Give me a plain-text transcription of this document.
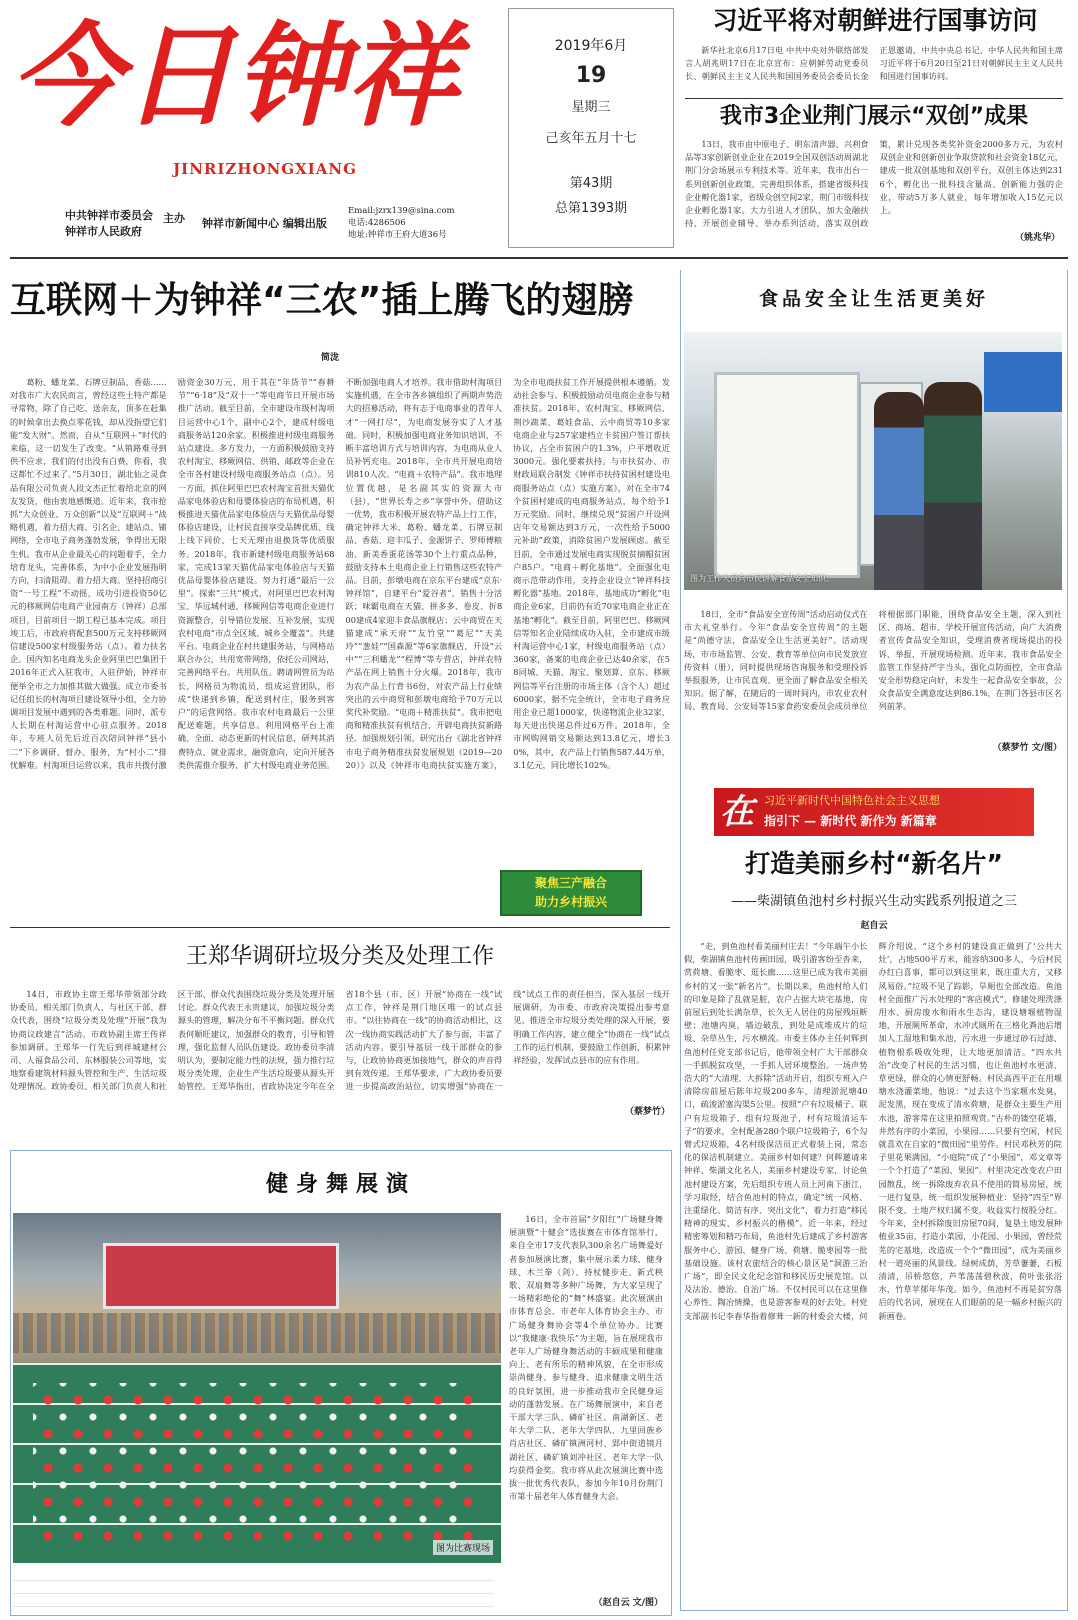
今日钟祥
JINRIZHONGXIANG
中共钟祥市委员会
钟祥市人民政府
主办	钟祥市新闻中心 编辑出版
Email:jzrx139@sina.com
电话:4286506
地址:钟祥市王府大道36号
2019年6月
19
星期三
己亥年五月十七
第43期
总第1393期
习近平将对朝鲜进行国事访问

新华社北京6月17日电 中共中央对外联络部发言人胡兆明17日在北京宣布：应朝鲜劳动党委员长、朝鲜民主主义人民共和国国务委员会委员长金正恩邀请，中共中央总书记、中华人民共和国主席习近平将于6月20日至21日对朝鲜民主主义人民共和国进行国事访问。

我市3企业荆门展示“双创”成果

13日，我市由中原电子、明东清声器、兴利食品等3家创新创业企业在2019全国双创活动周湖北荆门分会场展示专利技术等。近年来，我市出台一系列创新创业政策，完善组织体系，搭建省级科技企业孵化器1家，省级众创空间2家，荆门市级科技企业孵化器1家。大力引进人才团队，加大金融扶持，开展创业辅导、举办系列活动，落实双创政策，累计兑现各类奖补资金2000多万元，为农村双创企业和创新创业争取贷款和社会资金18亿元，建成一批双创基地和双创平台，双创主体达到2316个，孵化出一批科技含量高、创新能力强的企业，带动5万多人就业，每年增加收入15亿元以上。

（姚兆华）
互联网＋为钟祥“三农”插上腾飞的翅膀
简泷

葛粉、蟠龙菜、石牌豆制品、香菇……对我市广大农民而言，曾经这些土特产都是寻常物，除了自己吃、送亲友，顶多在赶集的时候拿出去换点零花钱，却从没指望它们能“发大财”。然而，自从“互联网＋”时代的来临，这一切发生了改变。“从销路难寻到供不应求，我们的付出没有白费，你看，我这都忙不过来了。”5月30日，湖北仙之灵食品有限公司负责人段文杰正忙着给北京的网友发货，他由衷地感慨道。近年来，我市抢抓“大众创业、万众创新”以及“互联网＋”战略机遇，着力招大商、引名企、建站点、铺网络，全市电子商务蓬勃发展，争得出无限生机。我市从企业最关心的问题着手，全力培育龙头，完善体系，为中小企业发展指明方向，扫清阻碍。着力招大商。坚持招商引资“一号工程”不动摇，成功引进投资50亿元的移厥网信电商产业园南方（钟祥）总部项目，目前项目一期工程已基本完成。项目竣工后，市政府将配套500万元支持移厥网信建设500家村级服务站（点）。着力扶名企。国内知名电商龙头企业阿里巴巴集团于2016年正式入驻我市，入驻伊始，钟祥市便举全市之力加推其做大做强。成立市委书记任组长的村淘项目建设领导小组，全力协调项目发展中遇到的各类难题。同时，派专人长期在村淘运营中心驻点服务。2018年，专班人员先后近百次陪同钟祥“县小二”下乡调研、督办、服务，为“村小二”排忧解难。村淘项目运营以来，我市共拨付激励资金30万元，用于其在“年货节”“春耕节”“6·18”及“双十一”等电商节日开展市场推广活动。截至目前，全市建设市级村淘项目运营中心1个，副中心2个，建成村级电商服务站120余家。积极推进村级电商服务站点建设。多方发力，一方面积极鼓励支持农村淘宝、移厥网信、供销、邮政等企业在全市各村建设村级电商服务站点（点）。另一方面，抓住阿里巴巴农村淘宝首批天猫优品家电体验店和母婴体验店的布局机遇，积极推进天猫优品家电体验店与天猫优品母婴体验店建设，让村民直接享受品牌优质、线上线下同价、七天无理由退换货等优质服务。2018年，我市新建村级电商服务站68家，完成13家天猫优品家电体验店与天猫优品母婴体验店建设。努力打通“最后一公里”。探索“三共”模式，对阿里巴巴农村淘宝、华远城村通、移厥网信等电商企业进行资源整合，引导错位发展、互补发展，实现农村电商“市点全区域、城乡全覆盖”。共建平台。电商企业在村共建服务站，与网格站联合办公，共用宽带网络，依托公司网站，完善网络平台。共用队伍。聘请网管员为站长，网格员为物流员，组成运营团队，形成“快递到乡镇，配送到村庄，服务到客户”的运营网络。我市农村电商最后一公里配送难题，共享信息。利用网格平台上准确、全面、动态更新的村民信息，研判其消费特点、就业需求，融资意向，定向开展各类供需推介服务，扩大村级电商业务范围。不断加强电商人才培养。我市借助村淘项目实施机遇，在全市各乡镇组织了两期声势浩大的招募活动，将有志于电商事业的青年人才“一网打尽”，为电商发展夯实了人才基础。同时，积极加强电商业务知识培训，不断丰富培训方式与培训内容，为电商从业人员补钙充电。2018年，全市共开展电商培训810人次。“电商＋农特产品”。我市地理位置优越，是名副其实的资源大市（县），“世界长寿之乡”享誉中外。借助这一优势，我市积极开展农特产品上行工作，确定钟祥大米、葛粉、蟠龙菜、石牌豆制品、香菇、迎丰瓜子、金源饼子、罗师傅粮油、新美香蛋花汤等30个上行重点品种，鼓励支持本土电商企业上行销售这些农特产品。目前，彭墩电商在京东平台建成“京东·钟祥馆”，自建平台“爱谷者”，销售十分活跃；味霸电商在天猫、拼多多、卷皮、折800建成4家迎丰食品旗舰店；云中商贸在天猫建成“承天府”“友竹堂”“葛尼”“天美玲”“葱娃”“国森源”等6家旗舰店，开设“云中”“三利蟠龙”“程博”等专营店，钟祥农特产品在网上销售十分火爆。2018年，我市为农产品上行背书6份，对农产品上行业绩突出的云中商贸和彭墩电商给予70万元以奖代补奖励。“电商＋精准扶贫”。我市把电商和精准扶贫有机结合，开辟电商扶贫新路径。加强规划引领。研究出台《湖北省钟祥市电子商务精准扶贫发展规划（2019—2020）》以及《钟祥市电商扶贫实施方案》，为全市电商扶贫工作开展提供根本遵循。发动社会参与。积极鼓励动员电商企业参与精准扶贫。2018年，农村淘宝、移厥网信、荆沙蔬菜、葛娃食品、云中商贸等10多家电商企业与257家建档立卡贫困户签订帮扶协议，占全市贫困户的1.3%，户平增收近3000元。强化要素扶持。与市扶贫办、市财政局联合制发《钟祥市扶持贫困村建设电商服务站点（点）实施方案》，对在全市74个贫困村建成的电商服务站点，每个给予1万元奖励。同时，继续兑现“贫困户开设网店年交易额达到3万元，一次性给予5000元补助”政策，消除贫困户发展顾虑。截至目前，全市通过发展电商实现脱贫摘帽贫困户85户。“电商＋孵化基地”。全面强化电商示范带动作用，支持企业设立“钟祥科技孵化器”基地。2018年，基地成功“孵化”电商企业6家，目前仍有近70家电商企业正在基地“孵化”。截至目前，阿里巴巴、移厥网信等知名企业陆续成功入驻，全市建成市级村淘运营中心1家，村级电商服务站（点）360家，备案的电商企业已达40余家，在58同城、天猫、淘宝、聚划算、京东、移厥网信等平台注册的市场主体（含个人）超过6000家，据不完全统计，全市电子商务应用企业已超1000家，快递物流企业32家，每天进出快递总件过6万件。2018年，全市网购网销交易额达到13.8亿元，增长30%，其中，农产品上行销售587.44万单，3.1亿元，同比增长102%。

聚焦三产融合
助力乡村振兴
王郑华调研垃圾分类及处理工作

14日，市政协主席王郑华带领部分政协委员、相关部门负责人、与社区干部、群众代表，围绕“垃圾分类及处理”开展“我为协商议政建言”活动。市政协副主席王传祥参加调研。王郑华一行先后到祥城建材公司、人福食品公司、东林服装公司等地，实地察看建筑材料源头管控和生产、生活垃圾处理情况。政协委员、相关部门负责人和社区干部、群众代表围绕垃圾分类及处理开展讨论。群众代表王永贵建议，加强垃圾分类源头的管理，解决分布不平衡问题。群众代表何顺旺建议，加强群众的教育，引导和管理，强化监督人员队伍建设。政协委员李清明认为，要制定能力性的法规，强力推行垃圾分类处理，企业生产生活垃圾要从源头开始管控。王郑华指出，省政协决定今年在全省18个县（市、区）开展“协商在一线”试点工作，钟祥是荆门地区唯一的试点县市。“以往协商在一线”的协商活动相比，这次一线协商实践活动扩大了参与面，丰富了活动内容。要引导基层一线干部群众的参与，让政协协商更加接地气，群众的声音得到有效传递。王郑华要求，广大政协委员要进一步提高政治站位，切实增强“协商在一线”试点工作的责任担当，深入基层一线开展调研，为市委、市政府决策提出参考意见。推进全市垃圾分类处理的深入开展，要明确工作内容，建立健全“协商在一线”试点工作的运行机制，要鼓励工作创新，积累钟祥经验，发挥试点县市的应有作用。

（蔡梦竹）
健身舞展演
图为比赛现场

16日，全市首届“夕阳红”广场健身舞展演暨“十健会”选拔赛在市体育馆举行，来自全市17支代表队300余名广场舞爱好者参加展演比赛，集中展示柔力球、健身球、木兰拳（剑）、持杖健步走、新式秧歌、双扇舞等多种广场舞，为大家呈现了一场精彩绝伦的“舞”林盛宴。此次展演由市体育总会、市老年人体育协会主办、市广场健身舞协会等4个单位协办。比赛以“我健康·我快乐”为主题，旨在展现我市老年人广场健身舞活动的丰硕成果和健康向上、老有所乐的精神风貌，在全市形成崇尚健身、参与健身、追求健康文明生活的良好氛围，进一步推动我市全民健身运动的蓬勃发展。在广场舞展演中，来自老干部大学三队、磷矿社区、南湖新区、老年大学二队、老年大学四队、九里回族乡肖店社区、磷矿镇洲河村、郢中街道镜月湖社区、磷矿镇刘冲社区、老年大学一队均获得金奖。我市将从此次展演比赛中选拔一批优秀代表队，参加今年10月份荆门市第十届老年人体育健身大会。

（赵自云 文/图）
食品安全让生活更美好
图为工作人员向市民讲解食品安全知识。

18日，全市“食品安全宣传周”活动启动仪式在市大礼堂举行。今年“食品安全宣传周”的主题是“尚德守法，食品安全让生活更美好”。活动现场，市市场监管、公安、教育等单位向市民发放宣传资料（册），同时提供现场咨询服务和受理投诉举报服务，让市民直观、更全面了解食品安全相关知识。据了解，在随后的一周时间内，市农业农村局、教育局、公安局等15家食药安委员会成员单位将根据部门职能，围绕食品安全主题，深入到社区、商场、超市、学校开展宣传活动，向广大消费者宣传食品安全知识，受理消费者现场提出的投诉、举报，开展现场检测。近年来，我市食品安全监管工作坚持严字当头，强化点防面控，全市食品安全形势稳定向好，未发生一起食品安全事故，公众食品安全满意度达到86.1%，在荆门各县市区名列前茅。

（蔡梦竹 文/图）
在 习近平新时代中国特色社会主义思想
指引下 — 新时代 新作为 新篇章
打造美丽乡村“新名片”
——柴湖镇鱼池村乡村振兴生动实践系列报道之三
赵自云

“走，到鱼池村看美丽村庄去！”今年端午小长假，柴湖镇鱼池村传画田园，吸引游客纷至沓来，赏荷塘、看脆枣、逛长廊……这里已成为我市美丽乡村的又一张“新名片”。长期以来，鱼池村给人们的印象是除了乱就是脏，农户占据大块宅基地，房前屋后到处长满杂草，长久无人居住的房屋残垣断壁；池塘内臭，墙边破乱，到处是成堆成片的垃圾、杂草丛生，污水横流。市委主体办主任何辉到鱼池村任党支部书记后，他带领全村广大干部群众一手抓脱贫攻坚，一手抓人居环境整治。一场声势浩大的“大清理、大拆除”活动开启，组织专班入户清除房前屋后陈年垃圾200多车，清理淤泥塘40口，疏浚淤塞沟渠5公里。按照“户有垃圾桶子、联户有垃圾箱子、组有垃圾池子，村有垃圾清运车子”的要求，全村配备280个联户垃圾箱子，6个勾臂式垃圾箱，4名村级保洁员正式着装上岗，常态化的保洁机制建立。美丽乡村如何建？何辉邀请来钟祥、柴湖文化名人，美丽乡村建设专家，讨论鱼池村建设方案，先后组织专班人员上河南下浙江，学习取经，结合鱼池村的特点，确定“统一风格、注重绿化、简洁有序、突出文化”，着力打造“移民精神的现实、乡村振兴的楷模”。近一年来，经过精密筹划和精巧布局，鱼池村先后建成了乡村游客服务中心、游园、健身广场、荷塘、脆枣园等一批基础设施。该村农旅结合的核心景区是“洞游三治广场”，即全民文化纪念馆和移民历史展览馆。以及法治、德治、自治广场。不仅村民可以在这里修心养性、陶冶情操，也是游客参观的好去处。村党支部副书记李春华指着修葺一新的村委会大楼，何辉介绍说，“这个乡村的建设真正做到了‘公共大灶’，占地500平方米，能容纳300多人，今后村民办红白喜事，都可以到这里来，既庄重大方，又移风易俗。”垃圾不见了踪影，旱厕也全部改造。鱼池村全面推广污水处理的“客店模式”，修建处理洗涤用水、厨房废水和雨水生态沟，建设塘堰植物湿地，开展厕所革命，水冲式厕所在三格化粪池后增加人工湿地和集水池，污水进一步通过砂石过滤、植物根系吸收处理，让大地更加清洁。“四水共治”改变了村民的生活习惯，也让鱼池村水更清、草更绿，群众的心情更舒畅。村民高西平正在用堰塘水浇灌菜地，他说：“过去这个当家堰水发臭，泥发黑，现在变成了清水荷塘，是群众主要生产用水池，游客常在这里拍照观赏。”古朴的镂空花墙，井然有序的小菜园，小果园……只要有空闲，村民就喜欢在自家的“微田园”里劳作。村民邓秋芳的院子里花果满园，“小庭院”成了“小果园”，邓文章等一个个打造了“菜园、果园”。村里决定改变农户田园散乱，统一拆除废弃农具不使用的简易房屋，统一进行复垦，统一组织发展种植业：坚持“四至”界限不变、土地产权归属不变，收益实行按股分红。今年来，全村拆除废旧房屋70间，复垦土地发展种植业35亩，打造小菜园，小花园、小果园，曾经荒芜的宅基地，改造成一个个“微田园”，成为美丽乡村一道亮丽的风景线。绿树成荫，芳草萋萋，石板清清，吊桥悠悠，芦苇荡荡碧秋波，荷叶张张浴水，竹草苹郁年华茂。如今，鱼池村不再是贫穷落后的代名词，展现在人们眼前的是一幅乡村振兴的新画卷。
